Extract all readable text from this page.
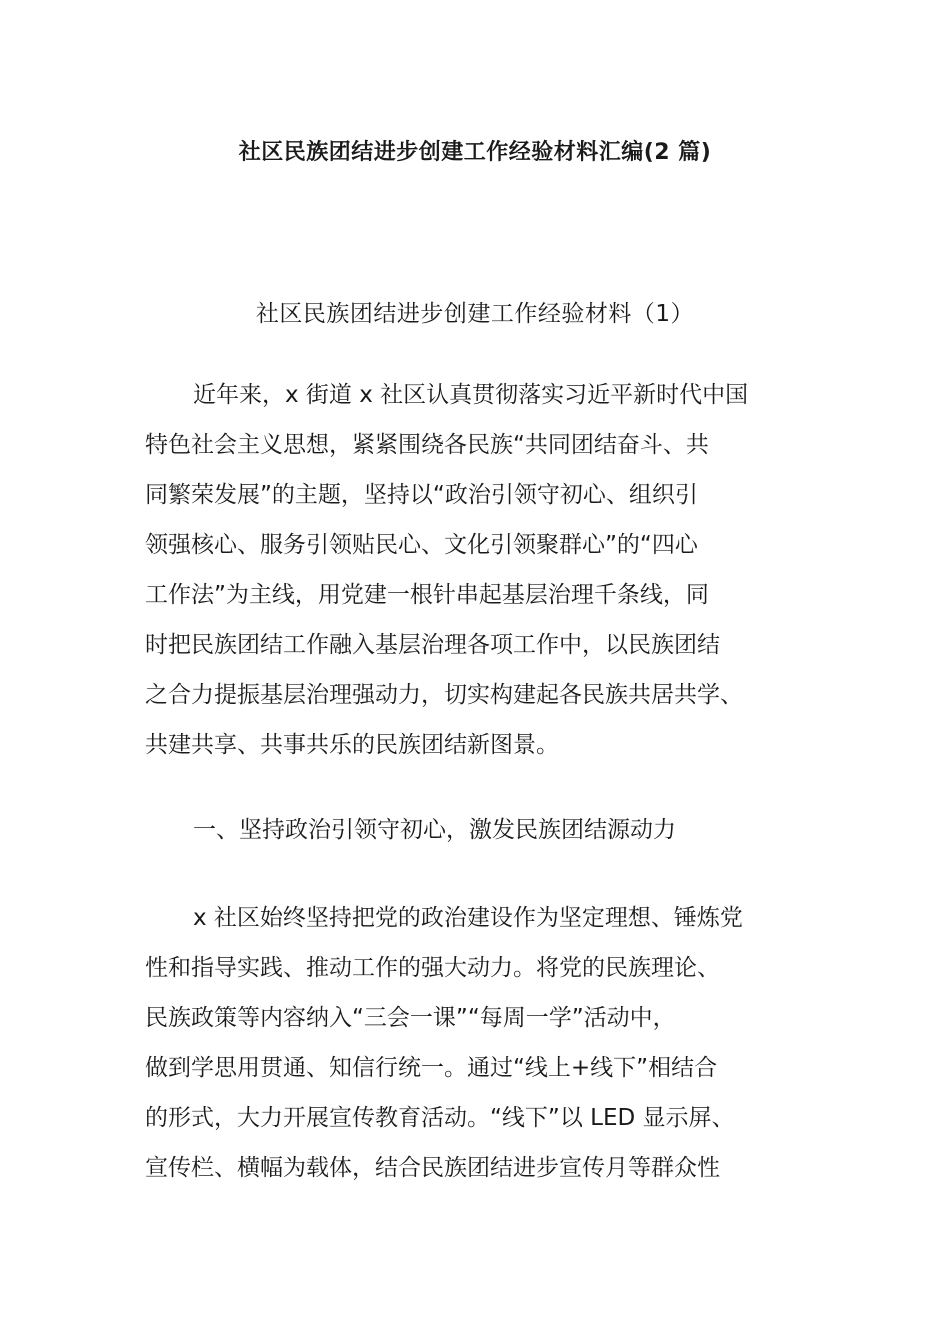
社区民族团结进步创建工作经验材料汇编(2 篇)
社区民族团结进步创建工作经验材料（1）
近年来，x 街道 x 社区认真贯彻落实习近平新时代中国
特色社会主义思想，紧紧围绕各民族“共同团结奋斗、共
同繁荣发展”的主题，坚持以“政治引领守初心、组织引
领强核心、服务引领贴民心、文化引领聚群心”的“四心
工作法”为主线，用党建一根针串起基层治理千条线，同
时把民族团结工作融入基层治理各项工作中，以民族团结
之合力提振基层治理强动力，切实构建起各民族共居共学、
共建共享、共事共乐的民族团结新图景。
一、坚持政治引领守初心，激发民族团结源动力
x 社区始终坚持把党的政治建设作为坚定理想、锤炼党
性和指导实践、推动工作的强大动力。将党的民族理论、
民族政策等内容纳入“三会一课”“每周一学”活动中，
做到学思用贯通、知信行统一。通过“线上+线下”相结合
的形式，大力开展宣传教育活动。“线下”以 LED 显示屏、
宣传栏、横幅为载体，结合民族团结进步宣传月等群众性
